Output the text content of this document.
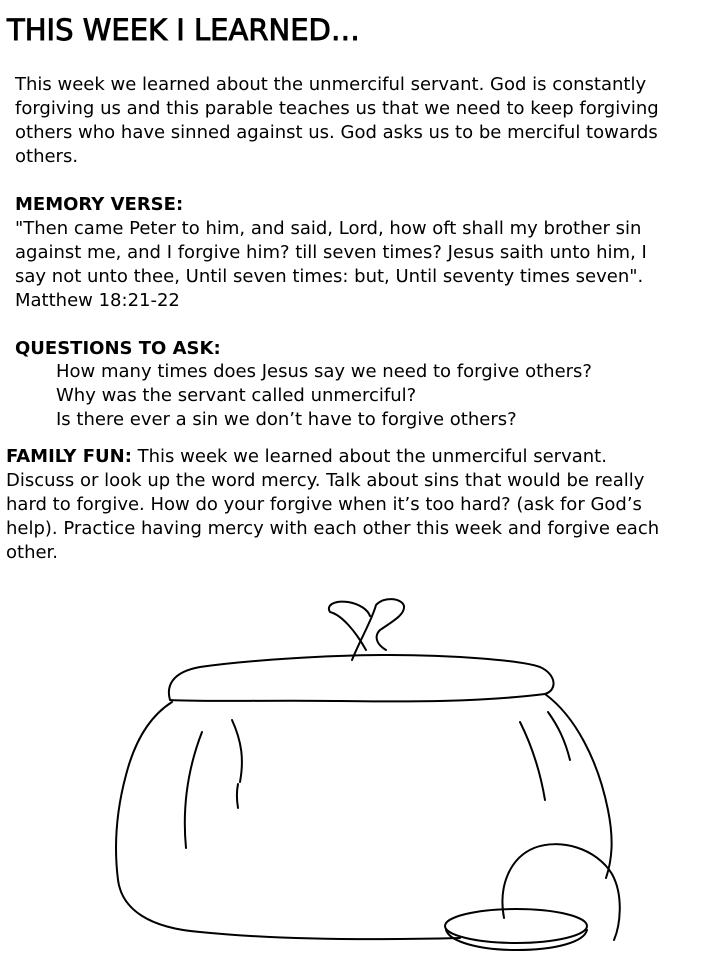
THIS WEEK I LEARNED…
This week we learned about the unmerciful servant. God is constantly
forgiving us and this parable teaches us that we need to keep forgiving
others who have sinned against us. God asks us to be merciful towards
others.
MEMORY VERSE:
"Then came Peter to him, and said, Lord, how oft shall my brother sin
against me, and I forgive him? till seven times? Jesus saith unto him, I
say not unto thee, Until seven times: but, Until seventy times seven".
Matthew 18:21-22
QUESTIONS TO ASK:
How many times does Jesus say we need to forgive others?
Why was the servant called unmerciful?
Is there ever a sin we don’t have to forgive others?
FAMILY FUN: This week we learned about the unmerciful servant.
Discuss or look up the word mercy. Talk about sins that would be really
hard to forgive. How do your forgive when it’s too hard? (ask for God’s
help). Practice having mercy with each other this week and forgive each
other.
